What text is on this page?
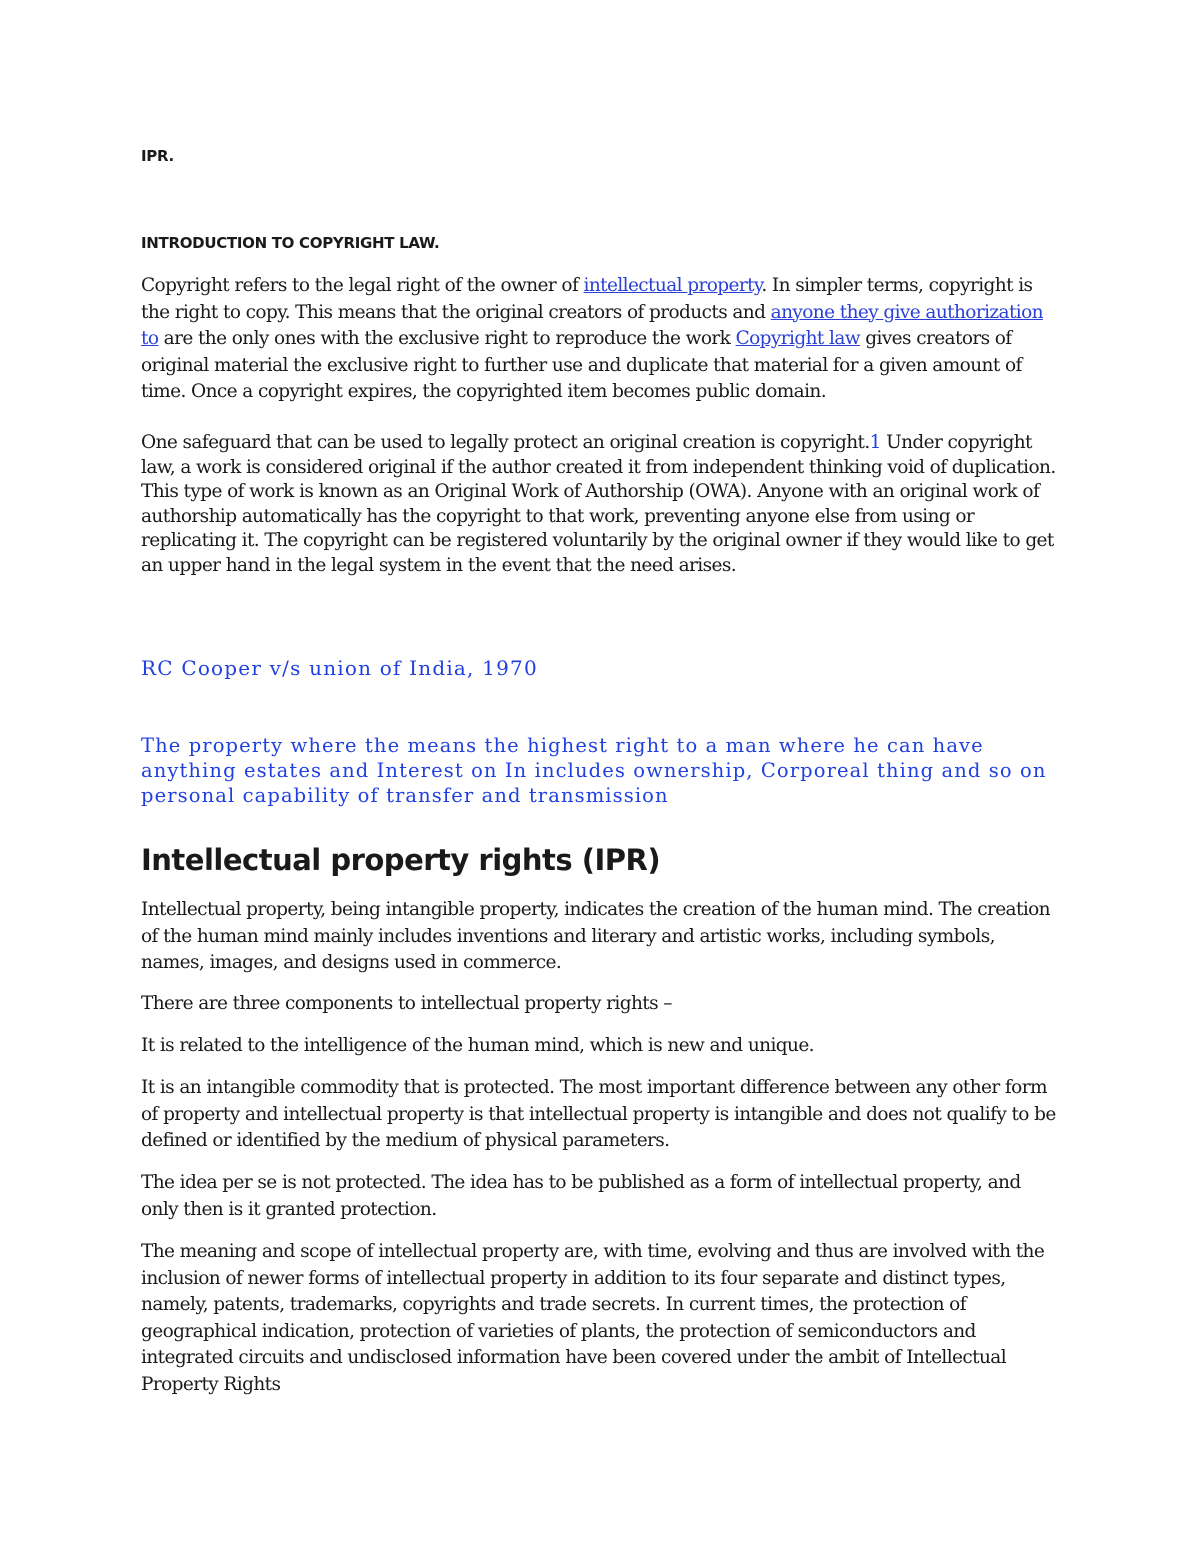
IPR.
INTRODUCTION TO COPYRIGHT LAW.

Copyright refers to the legal right of the owner of intellectual property. In simpler terms, copyright is the right to copy. This means that the original creators of products and anyone they give authorization to are the only ones with the exclusive right to reproduce the work Copyright law gives creators of original material the exclusive right to further use and duplicate that material for a given amount of time. Once a copyright expires, the copyrighted item becomes public domain.

One safeguard that can be used to legally protect an original creation is copyright.1 Under copyright law, a work is considered original if the author created it from independent thinking void of duplication. This type of work is known as an Original Work of Authorship (OWA). Anyone with an original work of authorship automatically has the copyright to that work, preventing anyone else from using or replicating it. The copyright can be registered voluntarily by the original owner if they would like to get an upper hand in the legal system in the event that the need arises.

RC Cooper v/s union of India, 1970

The property where the means the highest right to a man where he can have anything estates and Interest on In includes ownership, Corporeal thing and so on personal capability of transfer and transmission

Intellectual property rights (IPR)

Intellectual property, being intangible property, indicates the creation of the human mind. The creation of the human mind mainly includes inventions and literary and artistic works, including symbols, names, images, and designs used in commerce.

There are three components to intellectual property rights –

It is related to the intelligence of the human mind, which is new and unique.

It is an intangible commodity that is protected. The most important difference between any other form of property and intellectual property is that intellectual property is intangible and does not qualify to be defined or identified by the medium of physical parameters.

The idea per se is not protected. The idea has to be published as a form of intellectual property, and only then is it granted protection.

The meaning and scope of intellectual property are, with time, evolving and thus are involved with the inclusion of newer forms of intellectual property in addition to its four separate and distinct types, namely, patents, trademarks, copyrights and trade secrets. In current times, the protection of geographical indication, protection of varieties of plants, the protection of semiconductors and integrated circuits and undisclosed information have been covered under the ambit of Intellectual Property Rights
